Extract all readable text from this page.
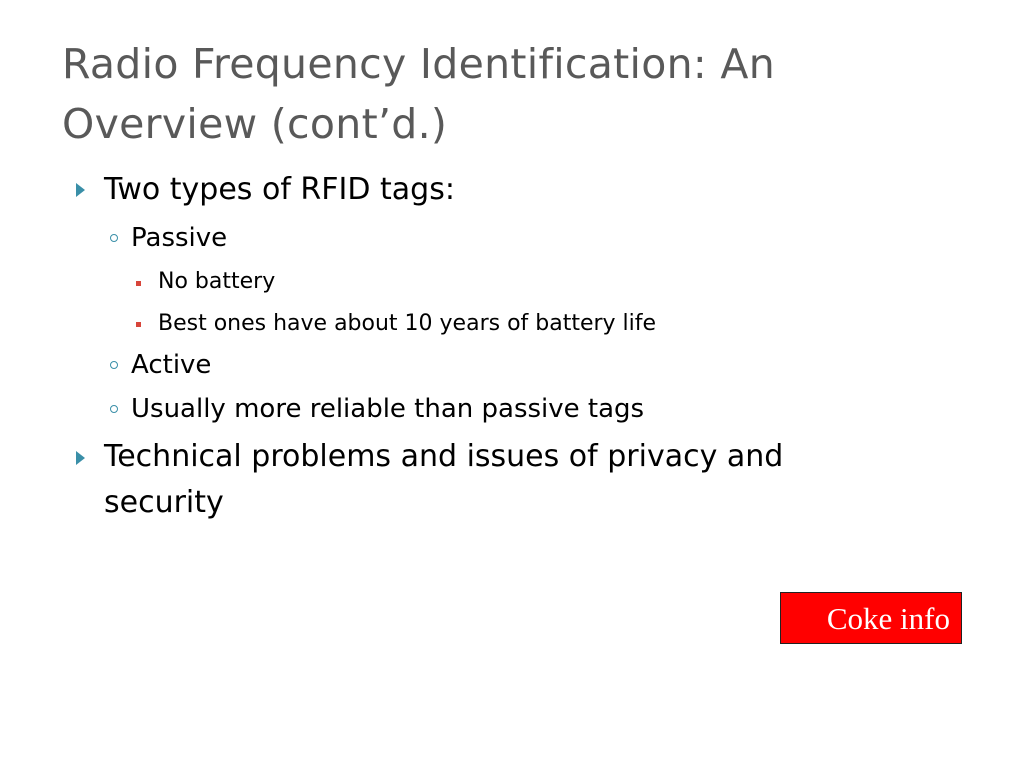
Radio Frequency Identification: An Overview (cont’d.)
Two types of RFID tags:
Passive
No battery
Best ones have about 10 years of battery life
Active
Usually more reliable than passive tags
Technical problems and issues of privacy and
security
Coke info
